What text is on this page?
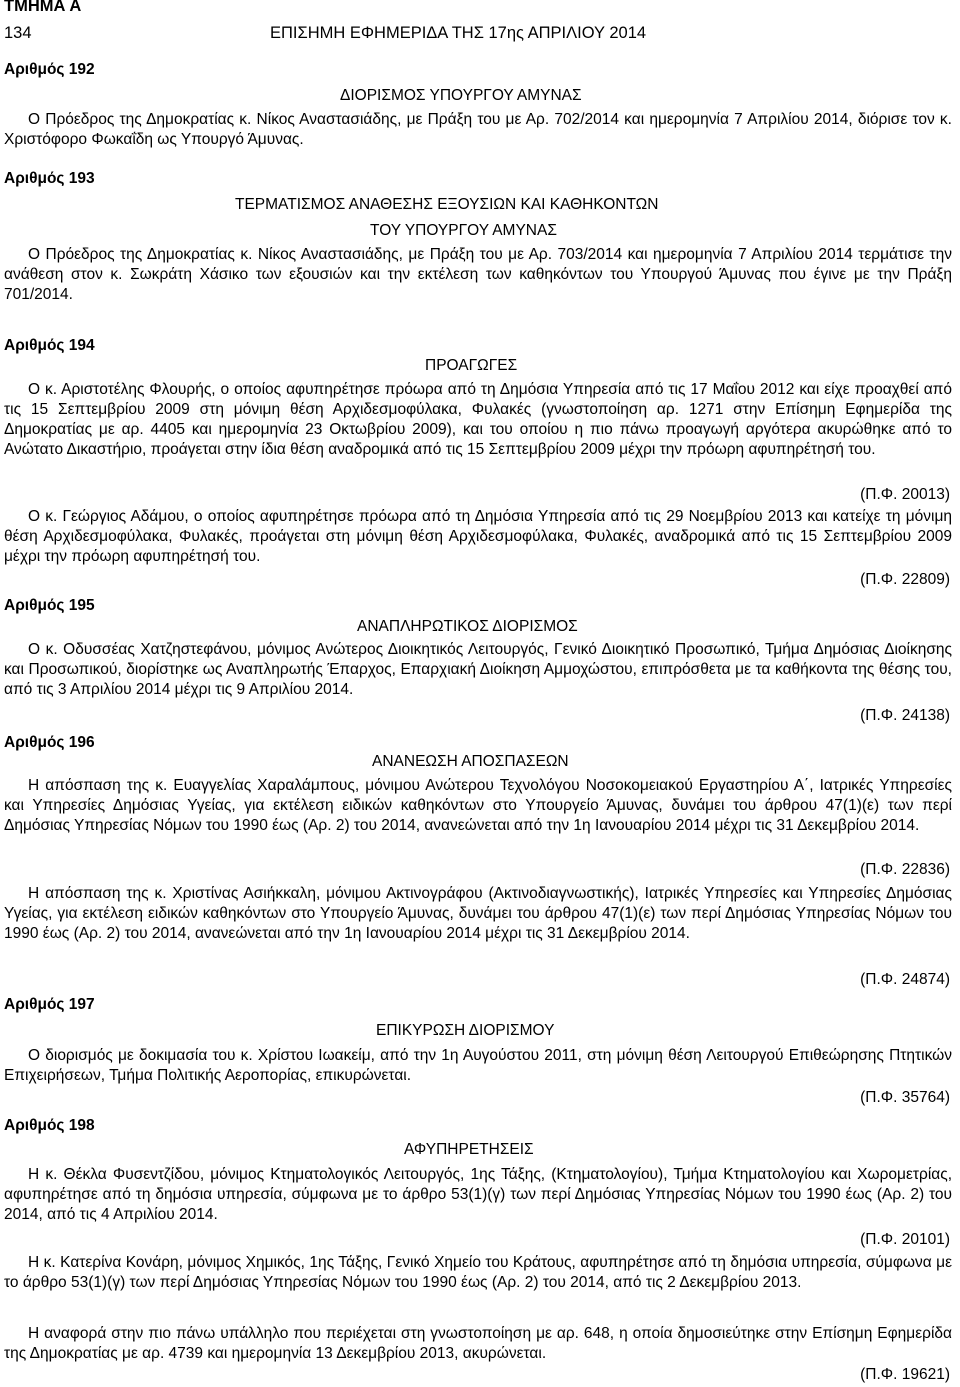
ΤΜΗΜΑ Α
134	ΕΠΙΣΗΜΗ ΕΦΗΜΕΡΙΔΑ ΤΗΣ 17ης ΑΠΡΙΛΙΟΥ 2014
Αριθμός 192
ΔΙΟΡΙΣΜΟΣ ΥΠΟΥΡΓΟΥ ΑΜΥΝΑΣ
Ο Πρόεδρος της Δημοκρατίας κ. Νίκος Αναστασιάδης, με Πράξη του με Αρ. 702/2014 και ημερομηνία 7 Απριλίου 2014, διόρισε τον κ. Χριστόφορο Φωκαΐδη ως Υπουργό Άμυνας.
Αριθμός 193
ΤΕΡΜΑΤΙΣΜΟΣ ΑΝΑΘΕΣΗΣ ΕΞΟΥΣΙΩΝ ΚΑΙ ΚΑΘΗΚΟΝΤΩΝ
ΤΟΥ ΥΠΟΥΡΓΟΥ ΑΜΥΝΑΣ
Ο Πρόεδρος της Δημοκρατίας κ. Νίκος Αναστασιάδης, με Πράξη του με Αρ. 703/2014 και ημερομηνία 7 Απριλίου 2014 τερμάτισε την ανάθεση στον κ. Σωκράτη Χάσικο των εξουσιών και την εκτέλεση των καθηκόντων του Υπουργού Άμυνας που έγινε με την Πράξη 701/2014.
Αριθμός 194
ΠΡΟΑΓΩΓΕΣ
Ο κ. Αριστοτέλης Φλουρής, ο οποίος αφυπηρέτησε πρόωρα από τη Δημόσια Υπηρεσία από τις 17 Μαΐου 2012 και είχε προαχθεί από τις 15 Σεπτεμβρίου 2009 στη μόνιμη θέση Αρχιδεσμοφύλακα, Φυλακές (γνωστοποίηση αρ. 1271 στην Επίσημη Εφημερίδα της Δημοκρατίας με αρ. 4405 και ημερομηνία 23 Οκτωβρίου 2009), και του οποίου η πιο πάνω προαγωγή αργότερα ακυρώθηκε από το Ανώτατο Δικαστήριο, προάγεται στην ίδια θέση αναδρομικά από τις 15 Σεπτεμβρίου 2009 μέχρι την πρόωρη αφυπηρέτησή του.
(Π.Φ. 20013)
Ο κ. Γεώργιος Αδάμου, ο οποίος αφυπηρέτησε πρόωρα από τη Δημόσια Υπηρεσία από τις 29 Νοεμβρίου 2013 και κατείχε τη μόνιμη θέση Αρχιδεσμοφύλακα, Φυλακές, προάγεται στη μόνιμη θέση Αρχιδεσμοφύλακα, Φυλακές, αναδρομικά από τις 15 Σεπτεμβρίου 2009 μέχρι την πρόωρη αφυπηρέτησή του.
(Π.Φ. 22809)
Αριθμός 195
ΑΝΑΠΛΗΡΩΤΙΚΟΣ ΔΙΟΡΙΣΜΟΣ
Ο κ. Οδυσσέας Χατζηστεφάνου, μόνιμος Ανώτερος Διοικητικός Λειτουργός, Γενικό Διοικητικό Προσωπικό, Τμήμα Δημόσιας Διοίκησης και Προσωπικού, διορίστηκε ως Αναπληρωτής Έπαρχος, Επαρχιακή Διοίκηση Αμμοχώστου, επιπρόσθετα με τα καθήκοντα της θέσης του, από τις 3 Απριλίου 2014 μέχρι τις 9 Απριλίου 2014.
(Π.Φ. 24138)
Αριθμός 196
ΑΝΑΝΕΩΣΗ ΑΠΟΣΠΑΣΕΩΝ
Η απόσπαση της κ. Ευαγγελίας Χαραλάμπους, μόνιμου Ανώτερου Τεχνολόγου Νοσοκομειακού Εργαστηρίου Α΄, Ιατρικές Υπηρεσίες και Υπηρεσίες Δημόσιας Υγείας, για εκτέλεση ειδικών καθηκόντων στο Υπουργείο Άμυνας, δυνάμει του άρθρου 47(1)(ε) των περί Δημόσιας Υπηρεσίας Νόμων του 1990 έως (Αρ. 2) του 2014, ανανεώνεται από την 1η Ιανουαρίου 2014 μέχρι τις 31 Δεκεμβρίου 2014.
(Π.Φ. 22836)
Η απόσπαση της κ. Χριστίνας Ασιήκκαλη, μόνιμου Ακτινογράφου (Ακτινοδιαγνωστικής), Ιατρικές Υπηρεσίες και Υπηρεσίες Δημόσιας Υγείας, για εκτέλεση ειδικών καθηκόντων στο Υπουργείο Άμυνας, δυνάμει του άρθρου 47(1)(ε) των περί Δημόσιας Υπηρεσίας Νόμων του 1990 έως (Αρ. 2) του 2014, ανανεώνεται από την 1η Ιανουαρίου 2014 μέχρι τις 31 Δεκεμβρίου 2014.
(Π.Φ. 24874)
Αριθμός 197
ΕΠΙΚΥΡΩΣΗ ΔΙΟΡΙΣΜΟΥ
Ο διορισμός με δοκιμασία του κ. Χρίστου Ιωακείμ, από την 1η Αυγούστου 2011, στη μόνιμη θέση Λειτουργού Επιθεώρησης Πτητικών Επιχειρήσεων, Τμήμα Πολιτικής Αεροπορίας, επικυρώνεται.
(Π.Φ. 35764)
Αριθμός 198
ΑΦΥΠΗΡΕΤΗΣΕΙΣ
Η κ. Θέκλα Φυσεντζίδου, μόνιμος Κτηματολογικός Λειτουργός, 1ης Τάξης, (Κτηματολογίου), Τμήμα Κτηματολογίου και Χωρομετρίας, αφυπηρέτησε από τη δημόσια υπηρεσία, σύμφωνα με το άρθρο 53(1)(γ) των περί Δημόσιας Υπηρεσίας Νόμων του 1990 έως (Αρ. 2) του 2014, από τις 4 Απριλίου 2014.
(Π.Φ. 20101)
Η κ. Κατερίνα Κονάρη, μόνιμος Χημικός, 1ης Τάξης, Γενικό Χημείο του Κράτους, αφυπηρέτησε από τη δημόσια υπηρεσία, σύμφωνα με το άρθρο 53(1)(γ) των περί Δημόσιας Υπηρεσίας Νόμων του 1990 έως (Αρ. 2) του 2014, από τις 2 Δεκεμβρίου 2013.
Η αναφορά στην πιο πάνω υπάλληλο που περιέχεται στη γνωστοποίηση με αρ. 648, η οποία δημοσιεύτηκε στην Επίσημη Εφημερίδα της Δημοκρατίας με αρ. 4739 και ημερομηνία 13 Δεκεμβρίου 2013, ακυρώνεται.
(Π.Φ. 19621)
